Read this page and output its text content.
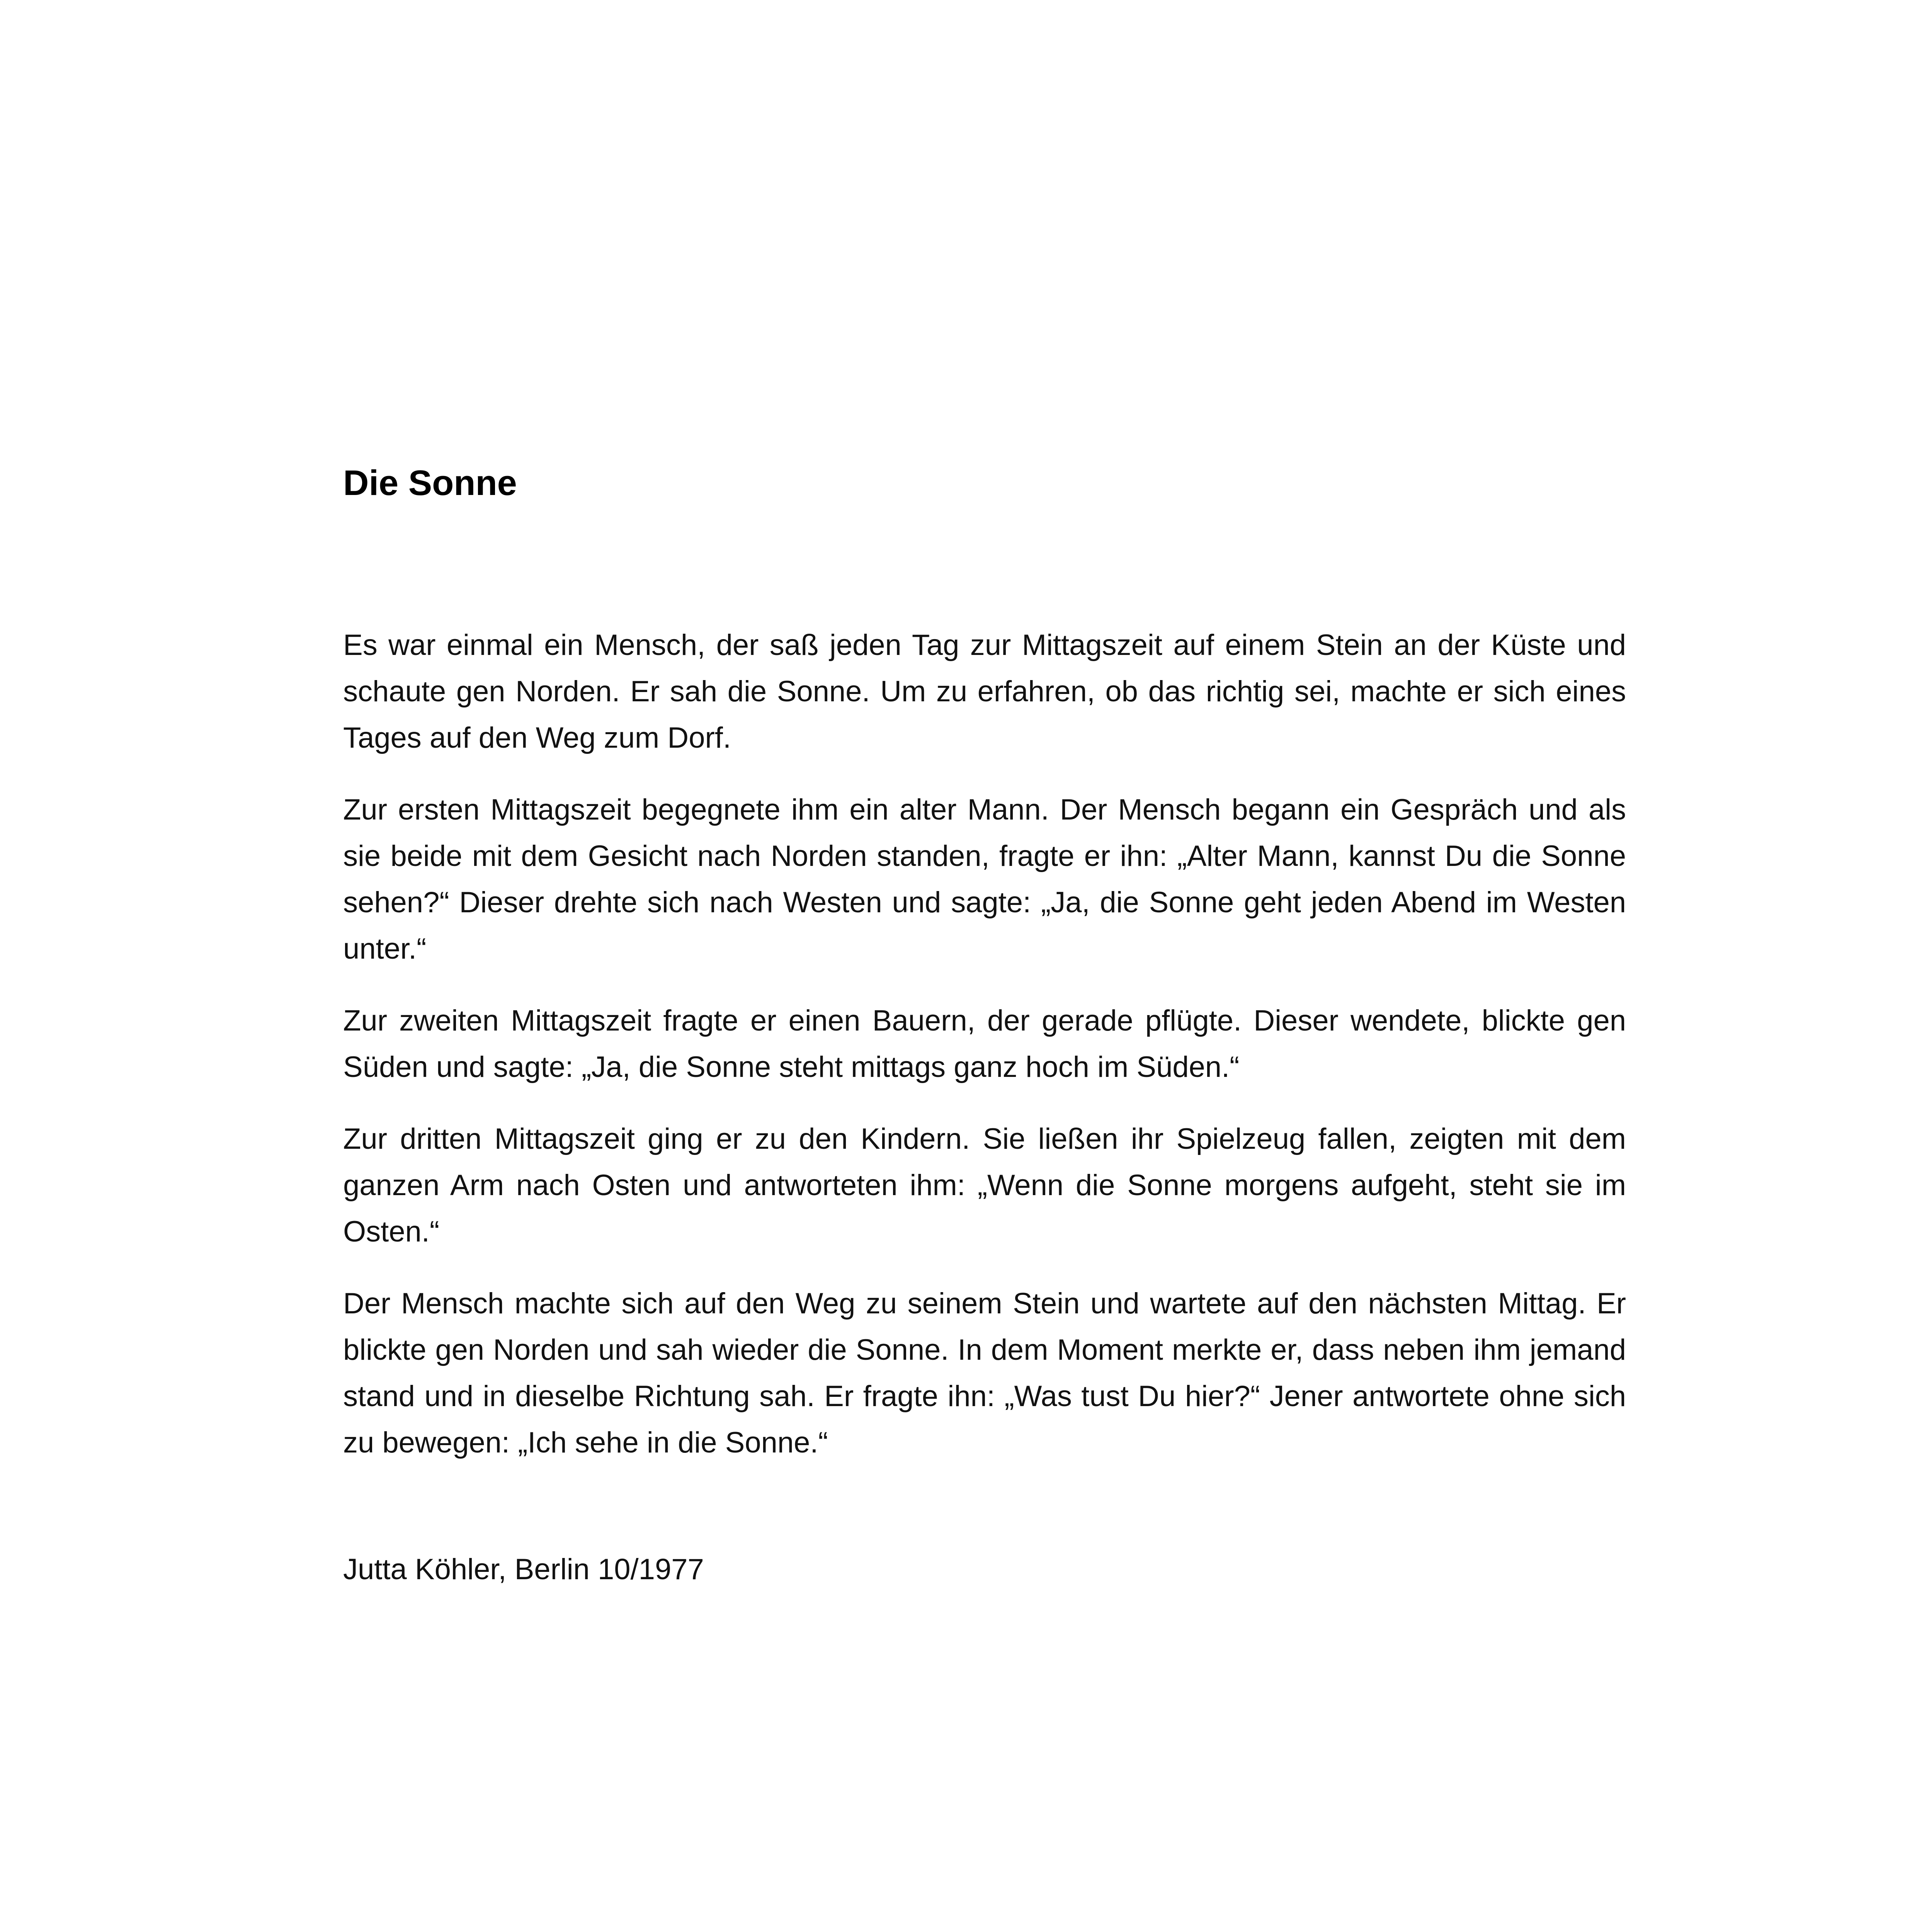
Die Sonne

Es war einmal ein Mensch, der saß jeden Tag zur Mittagszeit auf einem Stein an der Küste und schaute gen Norden. Er sah die Sonne. Um zu erfahren, ob das richtig sei, machte er sich eines Tages auf den Weg zum Dorf.

Zur ersten Mittagszeit begegnete ihm ein alter Mann. Der Mensch begann ein Gespräch und als sie beide mit dem Gesicht nach Norden standen, fragte er ihn: „Alter Mann, kannst Du die Sonne sehen?“ Dieser drehte sich nach Westen und sagte: „Ja, die Sonne geht jeden Abend im Westen unter.“

Zur zweiten Mittagszeit fragte er einen Bauern, der gerade pflügte. Dieser wendete, blickte gen Süden und sagte: „Ja, die Sonne steht mittags ganz hoch im Süden.“

Zur dritten Mittagszeit ging er zu den Kindern. Sie ließen ihr Spielzeug fallen, zeigten mit dem ganzen Arm nach Osten und antworteten ihm: „Wenn die Sonne morgens aufgeht, steht sie im Osten.“

Der Mensch machte sich auf den Weg zu seinem Stein und wartete auf den nächsten Mittag. Er blickte gen Norden und sah wieder die Sonne. In dem Moment merkte er, dass neben ihm jemand stand und in dieselbe Richtung sah. Er fragte ihn: „Was tust Du hier?“ Jener antwortete ohne sich zu bewegen: „Ich sehe in die Sonne.“

Jutta Köhler, Berlin 10/1977
